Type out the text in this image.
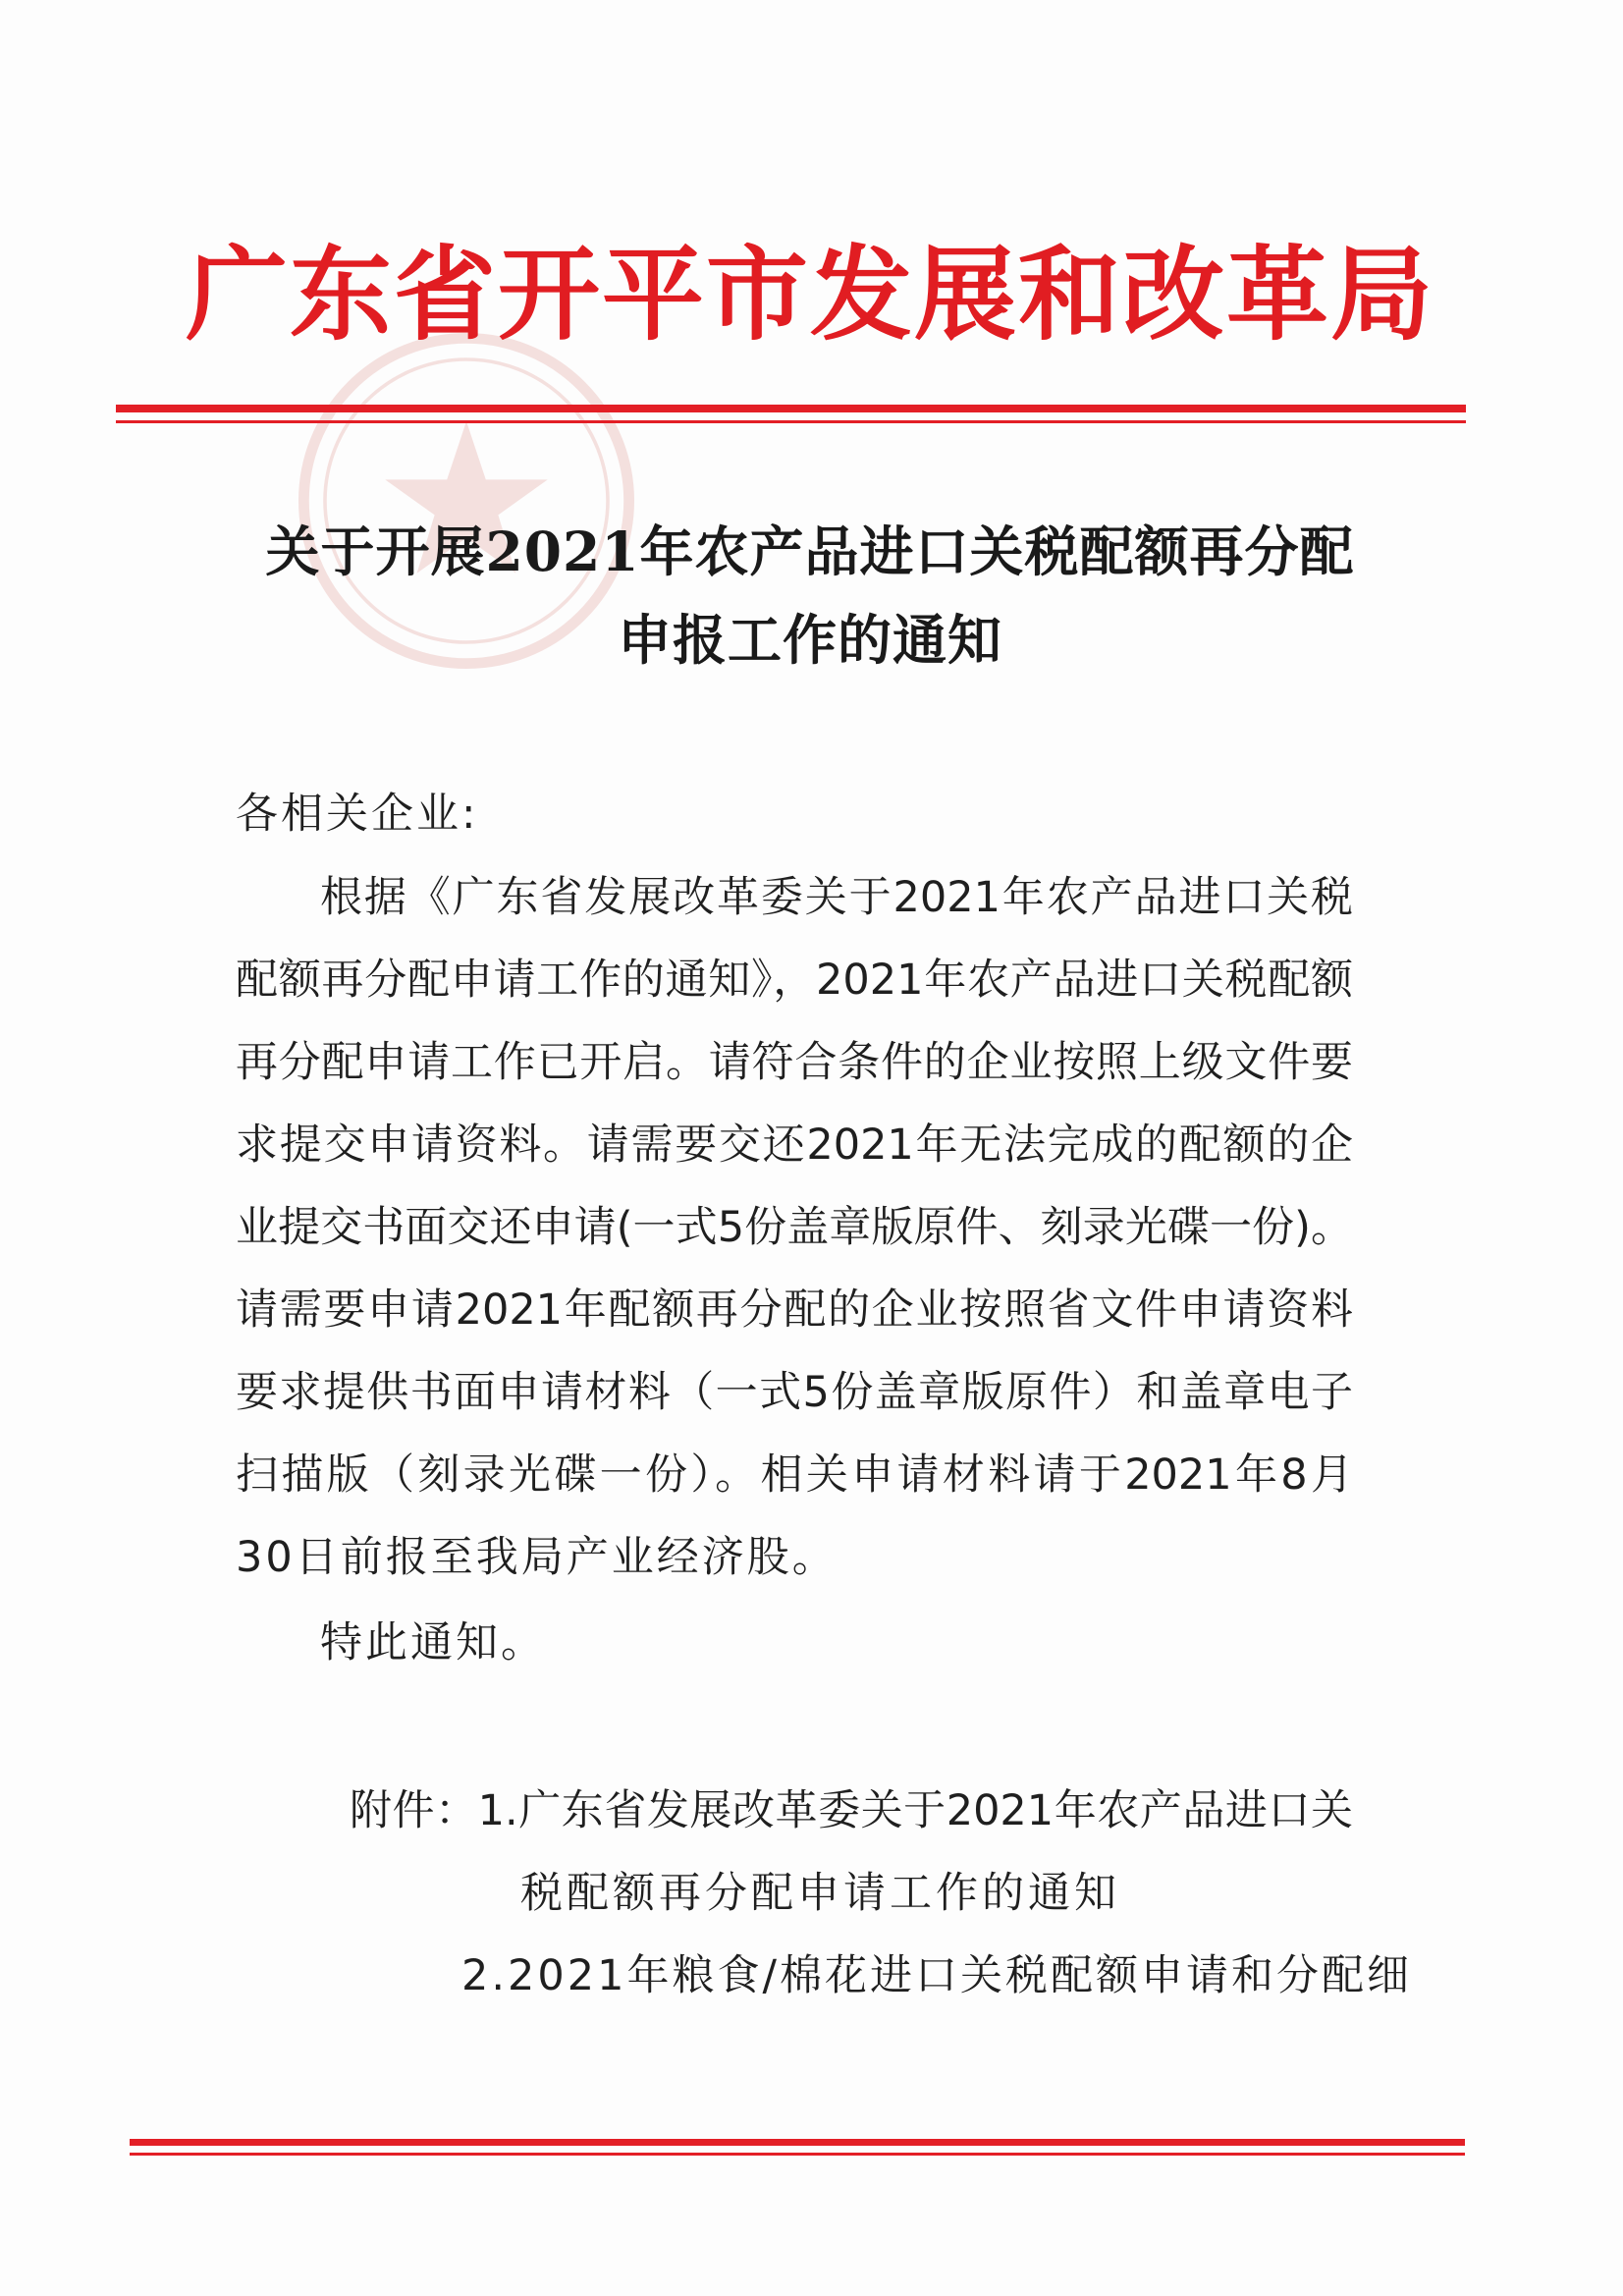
广东省开平市发展和改革局
关于开展2021年农产品进口关税配额再分配
申报工作的通知
各相关企业:
根据《广东省发展改革委关于2021年农产品进口关税
配额再分配申请工作的通知》，2021年农产品进口关税配额
再分配申请工作已开启。请符合条件的企业按照上级文件要
求提交申请资料。请需要交还2021年无法完成的配额的企
业提交书面交还申请(一式5份盖章版原件、刻录光碟一份)。
请需要申请2021年配额再分配的企业按照省文件申请资料
要求提供书面申请材料（一式5份盖章版原件）和盖章电子
扫描版（刻录光碟一份）。相关申请材料请于2021年8月
30日前报至我局产业经济股。
特此通知。
附件：1.广东省发展改革委关于2021年农产品进口关
税配额再分配申请工作的通知
2.2021年粮食/棉花进口关税配额申请和分配细
